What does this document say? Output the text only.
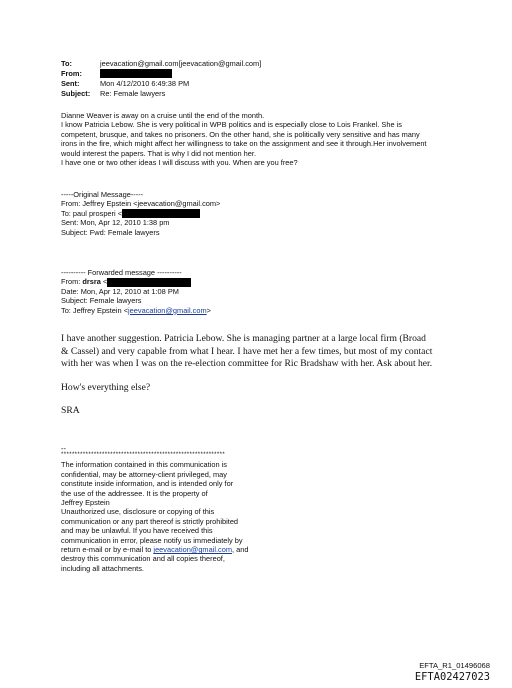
To:	jeevacation@gmail.com[jeevacation@gmail.com]
From:
Sent:	Mon 4/12/2010 6:49:38 PM
Subject: Re: Female lawyers
Dianne Weaver is away on a cruise until the end of the month.
I know Patricia Lebow. She is very political in WPB politics and is especially close to Lois Frankel. She is
competent, brusque, and takes no prisoners. On the other hand, she is politically very sensitive and has many
irons in the fire, which might affect her willingness to take on the assignment and see it through.Her involvement
would interest the papers. That is why I did not mention her.
I have one or two other ideas I will discuss with you. When are you free?
-----Original Message-----
From: Jeffrey Epstein <jeevacation@gmail.com>
To: paul prosperi <
Sent: Mon, Apr 12, 2010 1:38 pm
Subject: Fwd: Female lawyers
---------- Forwarded message ----------
From: drsra <
Date: Mon, Apr 12, 2010 at 1:08 PM
Subject: Female lawyers
To: Jeffrey Epstein <jeevacation@gmail.com>
I have another suggestion. Patricia Lebow. She is managing partner at a large local firm (Broad
& Cassel) and very capable from what I hear. I have met her a few times, but most of my contact
with her was when I was on the re-election committee for Ric Bradshaw with her. Ask about her.
How's everything else?
SRA
--
************************************************************
The information contained in this communication is
confidential, may be attorney-client privileged, may
constitute inside information, and is intended only for
the use of the addressee. It is the property of
Jeffrey Epstein
Unauthorized use, disclosure or copying of this
communication or any part thereof is strictly prohibited
and may be unlawful. If you have received this
communication in error, please notify us immediately by
return e-mail or by e-mail to jeevacation@gmail.com, and
destroy this communication and all copies thereof,
including all attachments.
EFTA_R1_01496068
EFTA02427023
